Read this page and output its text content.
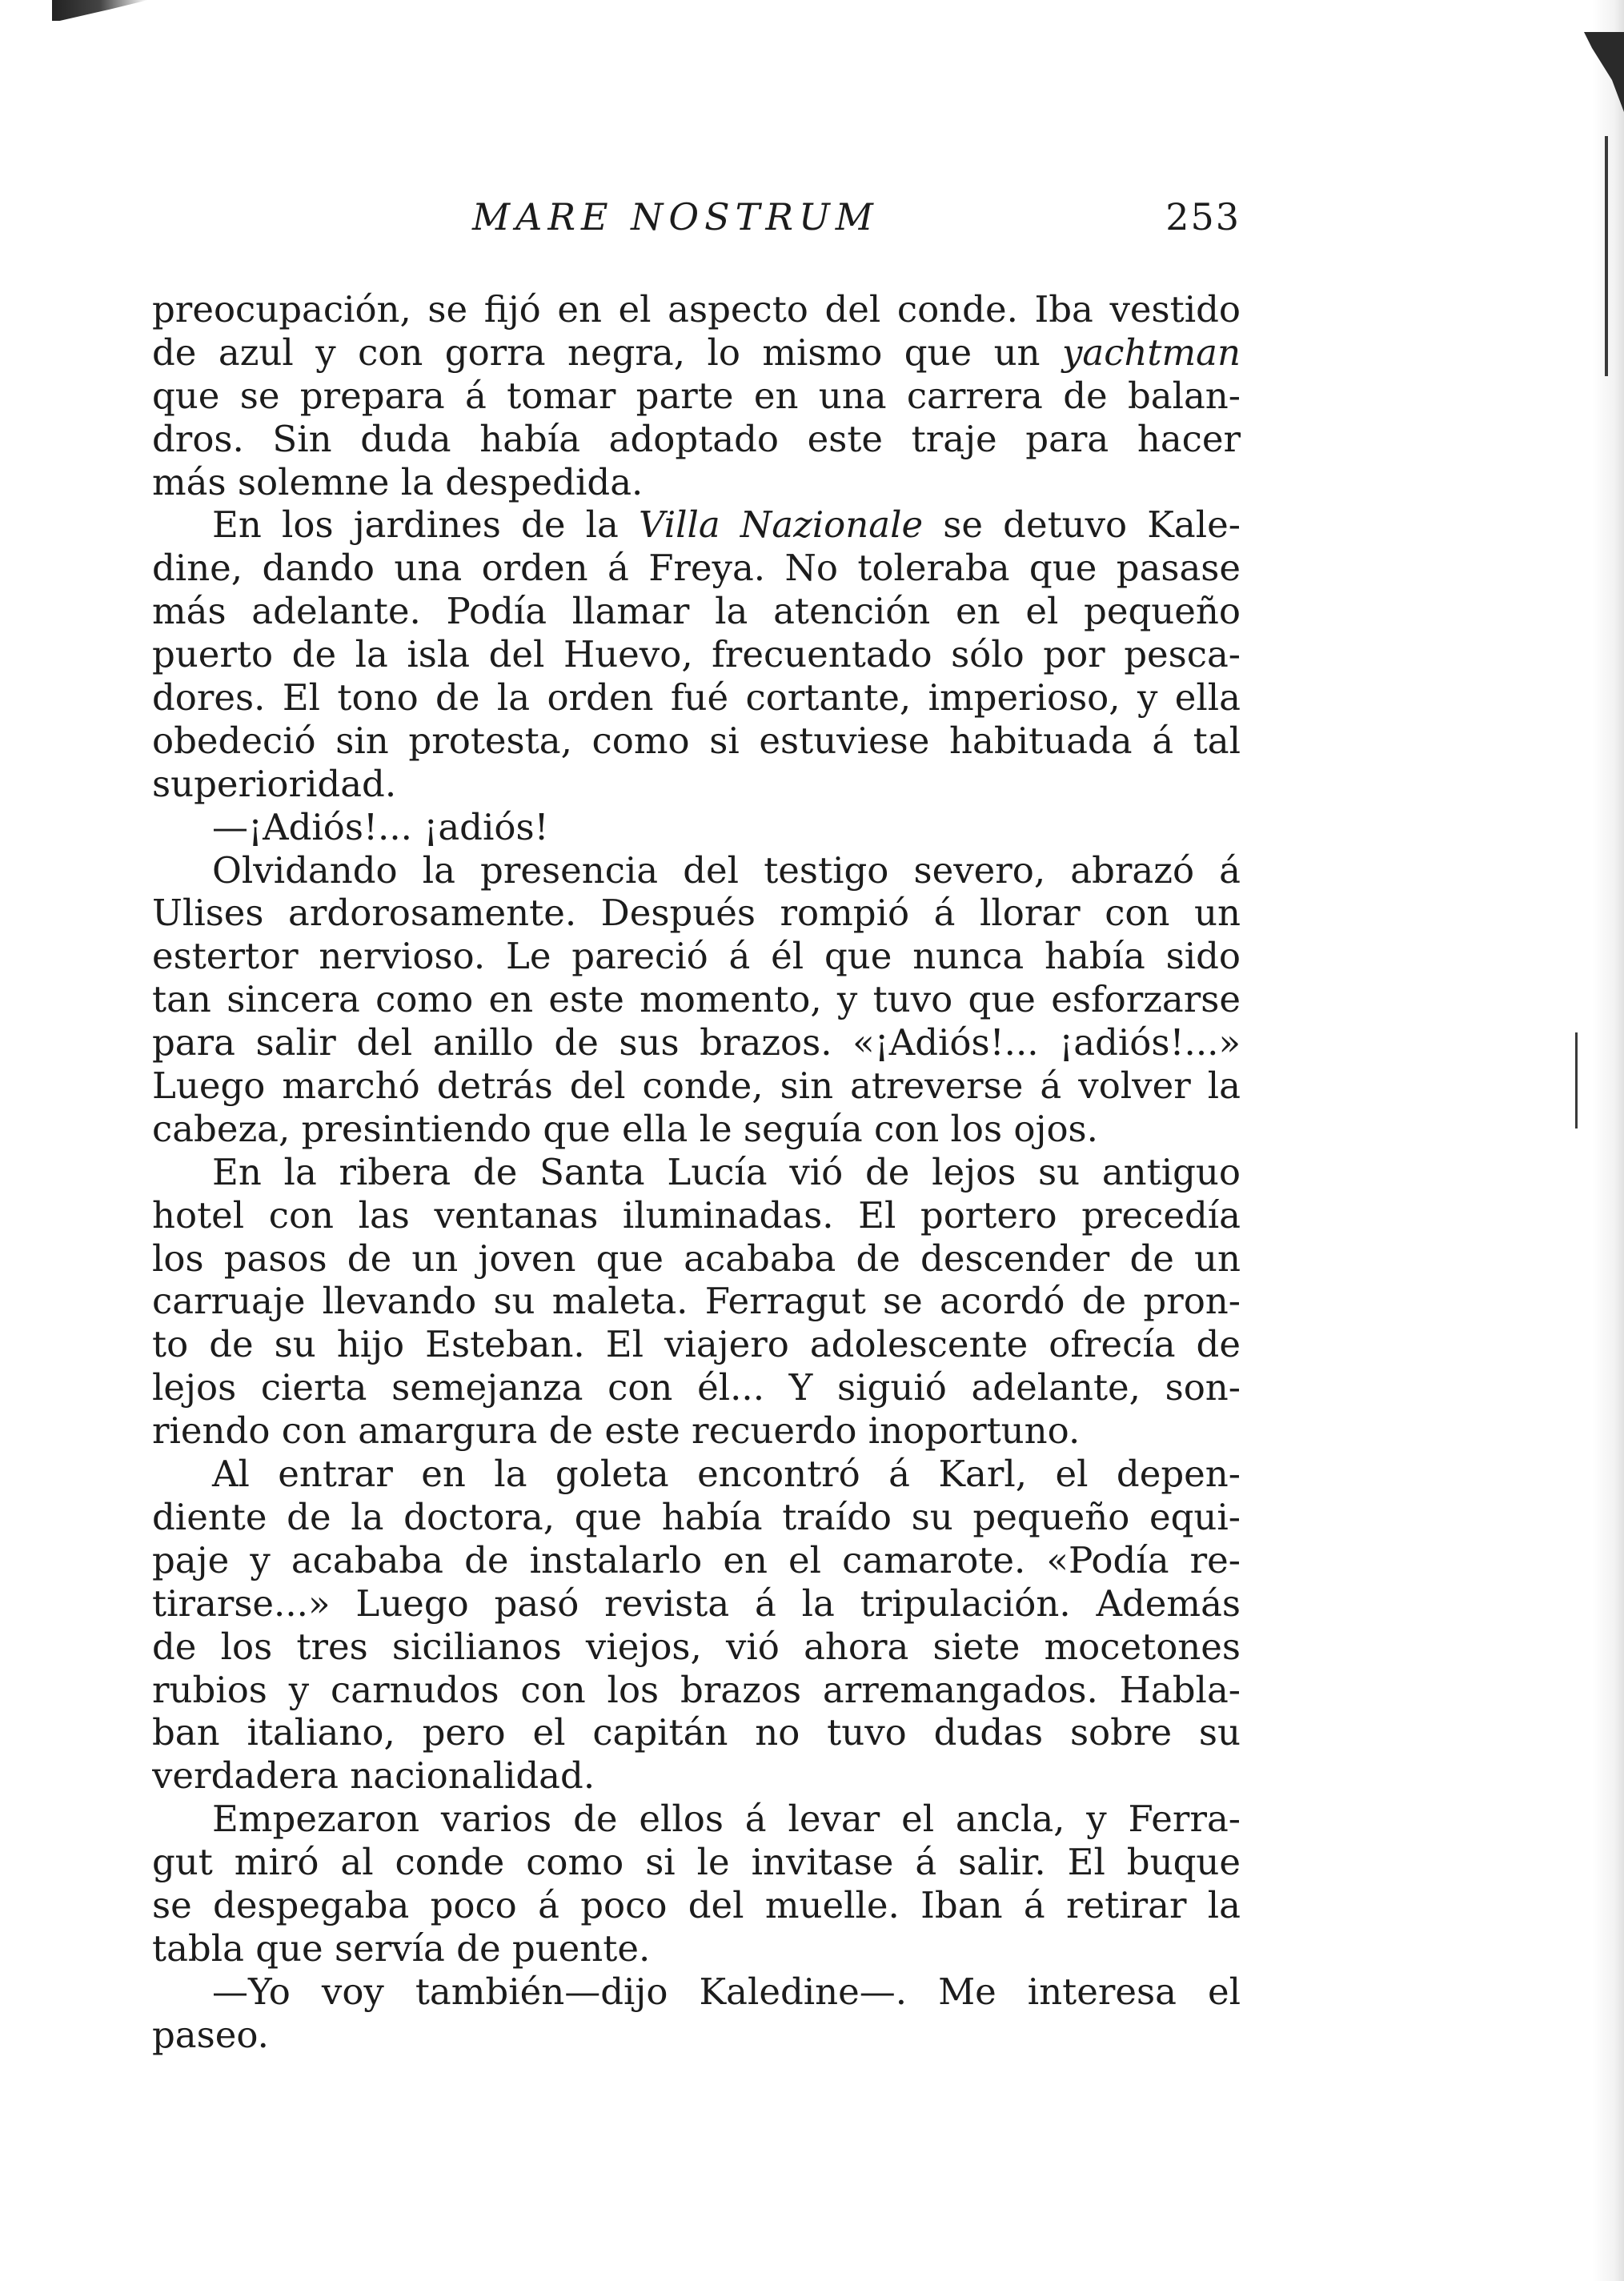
MARE NOSTRUM	253
preocupación, se fijó en el aspecto del conde. Iba vestido
de azul y con gorra negra, lo mismo que un yachtman
que se prepara á tomar parte en una carrera de balan-
dros. Sin duda había adoptado este traje para hacer
más solemne la despedida.
En los jardines de la Villa Nazionale se detuvo Kale-
dine, dando una orden á Freya. No toleraba que pasase
más adelante. Podía llamar la atención en el pequeño
puerto de la isla del Huevo, frecuentado sólo por pesca-
dores. El tono de la orden fué cortante, imperioso, y ella
obedeció sin protesta, como si estuviese habituada á tal
superioridad.
—¡Adiós!... ¡adiós!
Olvidando la presencia del testigo severo, abrazó á
Ulises ardorosamente. Después rompió á llorar con un
estertor nervioso. Le pareció á él que nunca había sido
tan sincera como en este momento, y tuvo que esforzarse
para salir del anillo de sus brazos. «¡Adiós!... ¡adiós!...»
Luego marchó detrás del conde, sin atreverse á volver la
cabeza, presintiendo que ella le seguía con los ojos.
En la ribera de Santa Lucía vió de lejos su antiguo
hotel con las ventanas iluminadas. El portero precedía
los pasos de un joven que acababa de descender de un
carruaje llevando su maleta. Ferragut se acordó de pron-
to de su hijo Esteban. El viajero adolescente ofrecía de
lejos cierta semejanza con él... Y siguió adelante, son-
riendo con amargura de este recuerdo inoportuno.
Al entrar en la goleta encontró á Karl, el depen-
diente de la doctora, que había traído su pequeño equi-
paje y acababa de instalarlo en el camarote. «Podía re-
tirarse...» Luego pasó revista á la tripulación. Además
de los tres sicilianos viejos, vió ahora siete mocetones
rubios y carnudos con los brazos arremangados. Habla-
ban italiano, pero el capitán no tuvo dudas sobre su
verdadera nacionalidad.
Empezaron varios de ellos á levar el ancla, y Ferra-
gut miró al conde como si le invitase á salir. El buque
se despegaba poco á poco del muelle. Iban á retirar la
tabla que servía de puente.
—Yo voy también—dijo Kaledine—. Me interesa el
paseo.
